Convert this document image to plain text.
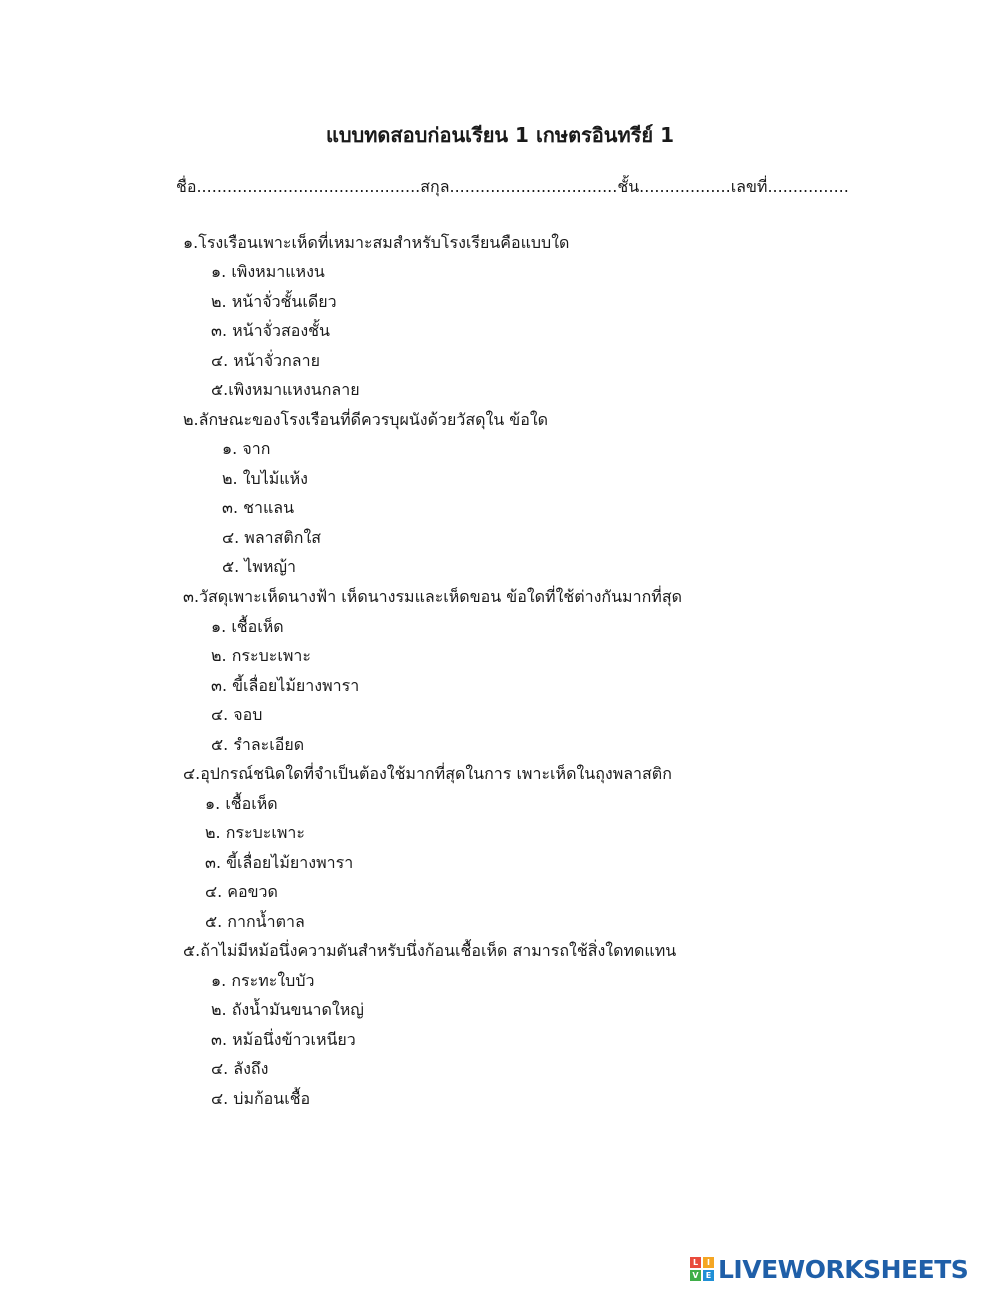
แบบทดสอบก่อนเรียน 1 เกษตรอินทรีย์ 1
ชื่อ............................................สกุล.................................ชั้น..................เลขที่................
๑.โรงเรือนเพาะเห็ดที่เหมาะสมสำหรับโรงเรียนคือแบบใด
๑. เพิงหมาแหงน
๒. หน้าจั่วชั้นเดียว
๓. หน้าจั่วสองชั้น
๔. หน้าจั่วกลาย
๕.เพิงหมาแหงนกลาย
๒.ลักษณะของโรงเรือนที่ดีควรบุผนังด้วยวัสดุใน ข้อใด
๑. จาก
๒. ใบไม้แห้ง
๓. ชาแลน
๔. พลาสติกใส
๕. ไพหญ้า
๓.วัสดุเพาะเห็ดนางฟ้า เห็ดนางรมและเห็ดขอน ข้อใดที่ใช้ต่างกันมากที่สุด
๑. เชื้อเห็ด
๒. กระบะเพาะ
๓. ขี้เลื่อยไม้ยางพารา
๔. จอบ
๕. รำละเอียด
๔.อุปกรณ์ชนิดใดที่จำเป็นต้องใช้มากที่สุดในการ เพาะเห็ดในถุงพลาสติก
๑. เชื้อเห็ด
๒. กระบะเพาะ
๓. ขี้เลื่อยไม้ยางพารา
๔. คอขวด
๕. กากน้ำตาล
๕.ถ้าไม่มีหม้อนึ่งความดันสำหรับนึ่งก้อนเชื้อเห็ด สามารถใช้สิ่งใดทดแทน
๑. กระทะใบบัว
๒. ถังน้ำมันขนาดใหญ่
๓. หม้อนึ่งข้าวเหนียว
๔. ลังถึง
๔. บ่มก้อนเชื้อ
L	I
V E LIVEWORKSHEETS
